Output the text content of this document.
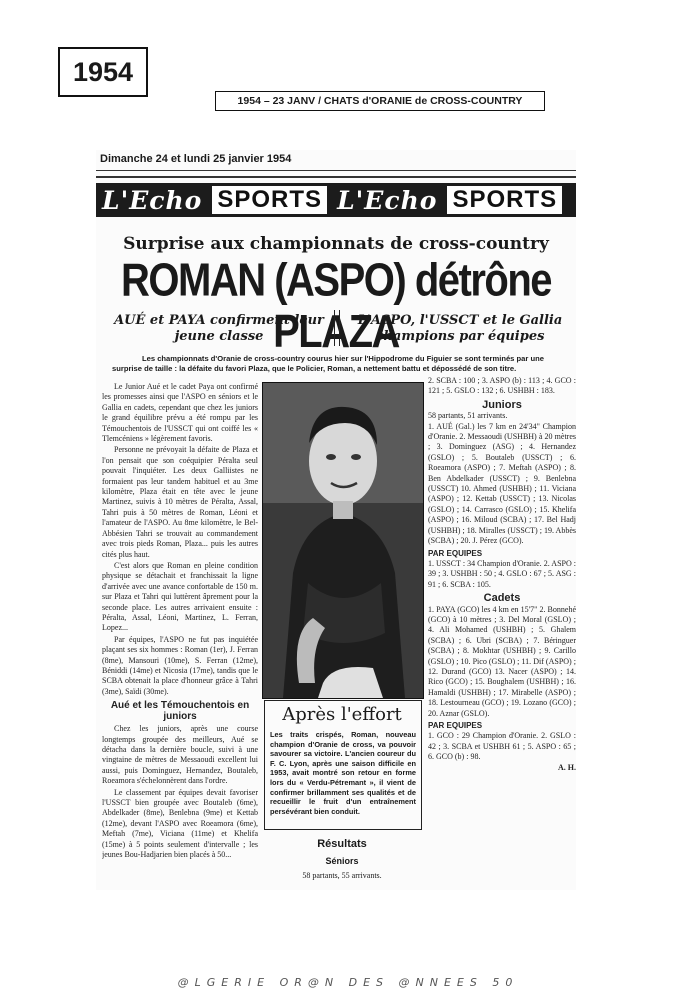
1954
1954 – 23 JANV / CHATS d'ORANIE de CROSS-COUNTRY
Dimanche 24 et lundi 25 janvier 1954
L'Echo SPORTS L'Echo SPORTS
Surprise aux championnats de cross-country
ROMAN (ASPO) détrône PLAZA
AUÉ et PAYA confirment leur jeune classe
L'ASPO, l'USSCT et le Gallia champions par équipes
Les championnats d'Oranie de cross-country courus hier sur l'Hippodrome du Figuier se sont terminés par une surprise de taille : la défaite du favori Plaza, que le Policier, Roman, a nettement battu et dépossédé de son titre.

Le Junior Aué et le cadet Paya ont confirmé les promesses ainsi que l'ASPO en séniors et le Gallia en cadets, cependant que chez les juniors le grand équilibre prévu a été rompu par les Témouchentois de l'USSCT qui ont coiffé les « Tlemcéniens » légèrement favoris.

Personne ne prévoyait la défaite de Plaza et l'on pensait que son coéquipier Péralta seul pouvait l'inquiéter. Les deux Galliistes ne formaient pas leur tandem habituel et au 3me kilomètre, Plaza était en tête avec le jeune Martinez, suivis à 10 mètres de Péralta, Assal, Tahri puis à 50 mètres de Roman, Léoni et l'amateur de l'ASPO. Au 8me kilomètre, le Bel-Abbésien Tahri se trouvait au commandement avec trois pieds Roman, Plaza... puis les autres cités plus haut.

C'est alors que Roman en pleine condition physique se détachait et franchissait la ligne d'arrivée avec une avance confortable de 150 m. sur Plaza et Tahri qui luttèrent âprement pour la seconde place. Les autres arrivaient ensuite : Péralta, Assal, Léoni, Martinez, L. Ferran, Lopez...

Par équipes, l'ASPO ne fut pas inquiétée plaçant ses six hommes : Roman (1er), J. Ferran (8me), Mansouri (10me), S. Ferran (12me), Béniddi (14me) et Nicosia (17me), tandis que le SCBA obtenait la place d'honneur grâce à Tahri (3me), Saïdi (30me).

Aué et les Témouchentois en juniors

Chez les juniors, après une course longtemps groupée des meilleurs, Aué se détacha dans la dernière boucle, suivi à une vingtaine de mètres de Messaoudi excellent lui aussi, puis Dominguez, Hernandez, Boutaleb, Roeamora s'échelonnèrent dans l'ordre.

Le classement par équipes devait favoriser l'USSCT bien groupée avec Boutaleb (6me), Abdelkader (8me), Benlebna (9me) et Kettab (12me), devant l'ASPO avec Roeamora (6me), Meftah (7me), Viciana (11me) et Khelifa (15me) à 5 points seulement d'intervalle ; les jeunes Bou-Hadjarien bien placés à 50...

Après l'effort
Les traits crispés, Roman, nouveau champion d'Oranie de cross, va pouvoir savourer sa victoire. L'ancien coureur du F. C. Lyon, après une saison difficile en 1953, avait montré son retour en forme lors du « Verdu-Pétremant », il vient de confirmer brillamment ses qualités et de recueillir le fruit d'un entraînement persévérant bien conduit.
Résultats
Séniors
58 partants, 55 arrivants.

2. SCBA : 100 ; 3. ASPO (b) : 113 ; 4. GCO : 121 ; 5. GSLO : 132 ; 6. USHBH : 183.

Juniors

58 partants, 51 arrivants.

1. AUÉ (Gal.) les 7 km en 24'34" Champion d'Oranie. 2. Messaoudi (USHBH) à 20 mètres ; 3. Dominguez (ASG) ; 4. Hernandez (GSLO) ; 5. Boutaleb (USSCT) ; 6. Roeamora (ASPO) ; 7. Meftah (ASPO) ; 8. Ben Abdelkader (USSCT) ; 9. Benlebna (USSCT) 10. Ahmed (USHBH) ; 11. Viciana (ASPO) ; 12. Kettab (USSCT) ; 13. Nicolas (GSLO) ; 14. Carrasco (GSLO) ; 15. Khelifa (ASPO) ; 16. Miloud (SCBA) ; 17. Bel Hadj (USHBH) ; 18. Miralles (USSCT) ; 19. Abbès (SCBA) ; 20. J. Pérez (GCO).

PAR EQUIPES

1. USSCT : 34 Champion d'Oranie. 2. ASPO : 39 ; 3. USHBH : 50 ; 4. GSLO : 67 ; 5. ASG : 91 ; 6. SCBA : 105.

Cadets

1. PAYA (GCO) les 4 km en 15'7" 2. Bonnehé (GCO) à 10 mètres ; 3. Del Moral (GSLO) ; 4. Ali Mohamed (USHBH) ; 5. Ghalem (SCBA) ; 6. Ubri (SCBA) ; 7. Béringuer (SCBA) ; 8. Mokhtar (USHBH) ; 9. Carillo (GSLO) ; 10. Pico (GSLO) ; 11. Dif (ASPO) ; 12. Durand (GCO) 13. Nacer (ASPO) ; 14. Rico (GCO) ; 15. Boughalem (USHBH) ; 16. Hamaldi (USHBH) ; 17. Mirabelle (ASPO) ; 18. Lestourneau (GCO) ; 19. Lozano (GCO) ; 20. Aznar (GSLO).

PAR EQUIPES

1. GCO : 29 Champion d'Oranie. 2. GSLO : 42 ; 3. SCBA et USHBH 61 ; 5. ASPO : 65 ; 6. GCO (b) : 98.

A. H.

@LGERIE OR@N DES @NNEES 50
